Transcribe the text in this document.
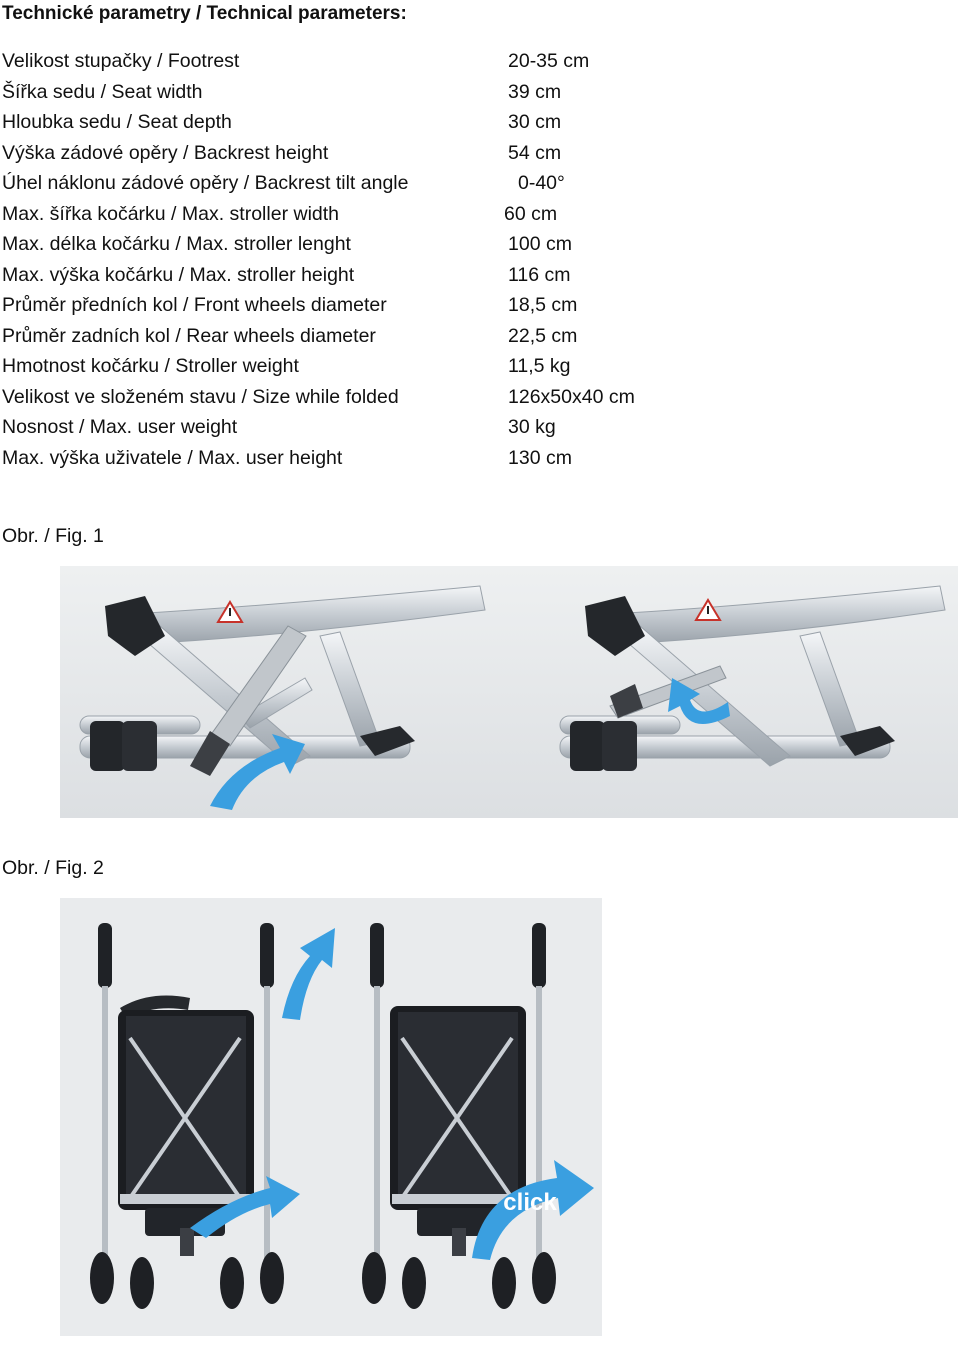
Technické parametry / Technical parameters:
Velikost stupačky / Footrest	20-35 cm
Šířka sedu / Seat width	39 cm
Hloubka sedu / Seat depth	30 cm
Výška zádové opěry / Backrest height	54 cm
Úhel náklonu zádové opěry / Backrest tilt angle	0-40°
Max. šířka kočárku / Max. stroller width	60 cm
Max. délka kočárku / Max. stroller lenght	100 cm
Max. výška kočárku / Max. stroller height	116 cm
Průměr předních kol / Front wheels diameter	18,5 cm
Průměr zadních kol / Rear wheels diameter	22,5 cm
Hmotnost kočárku / Stroller weight	11,5 kg
Velikost ve složeném stavu / Size while folded	126x50x40 cm
Nosnost / Max. user weight	30 kg
Max. výška uživatele / Max. user height	130 cm
Obr. / Fig. 1
Obr. / Fig. 2
click
